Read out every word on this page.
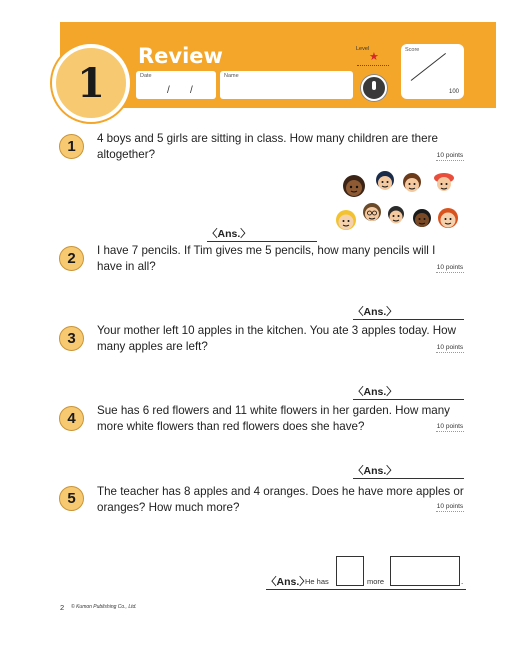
1
Review
Date
/ /
Name
Level
★
Score
100
1	4 boys and 5 girls are sitting in class. How many children are there altogether?	10 points
〈Ans.〉
2	I have 7 pencils. If Tim gives me 5 pencils, how many pencils will I have in all?	10 points
〈Ans.〉
3	Your mother left 10 apples in the kitchen. You ate 3 apples today. How many apples are left?	10 points
〈Ans.〉
4	Sue has 6 red flowers and 11 white flowers in her garden. How many more white flowers than red flowers does she have?	10 points
〈Ans.〉
5	The teacher has 8 apples and 4 oranges. Does he have more apples or oranges? How much more?	10 points
〈Ans.〉
He has	more	.
2 © Kumon Publishing Co., Ltd.
